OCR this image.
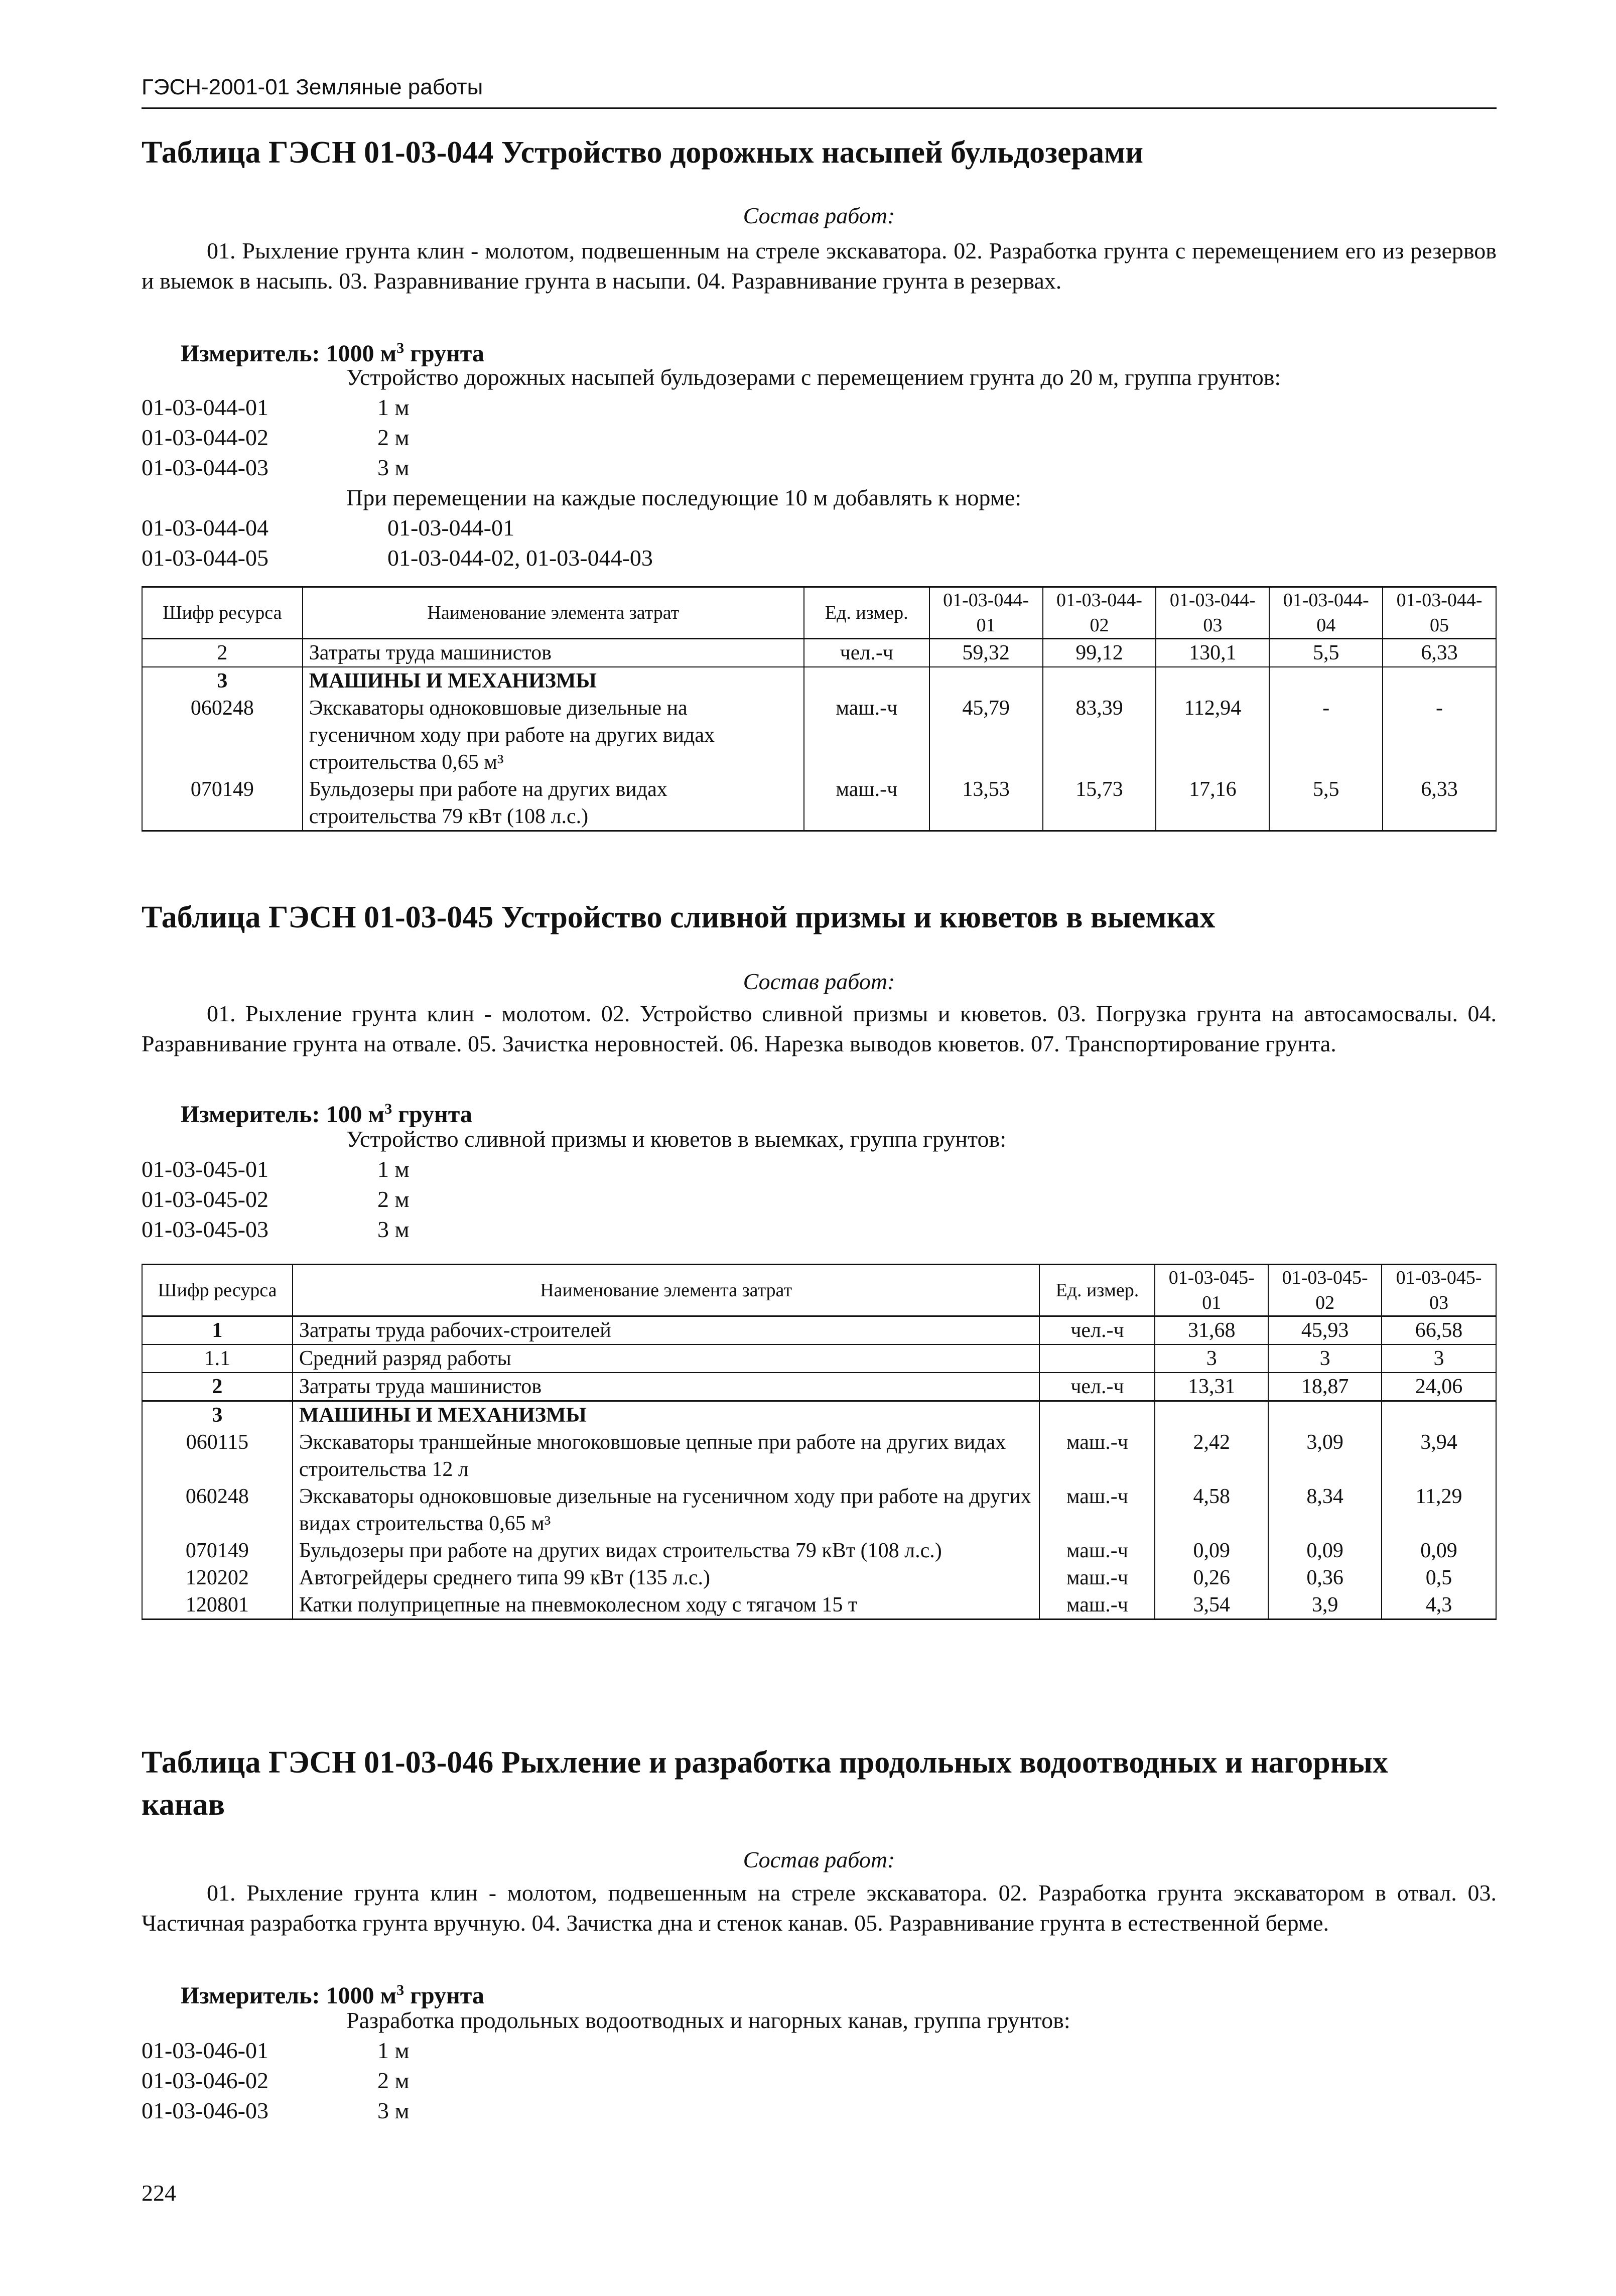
ГЭСН-2001-01 Земляные работы
Таблица ГЭСН 01-03-044 Устройство дорожных насыпей бульдозерами
Состав работ:
01. Рыхление грунта клин - молотом, подвешенным на стреле экскаватора. 02. Разработка грунта с перемещением его из резервов и выемок в насыпь. 03. Разравнивание грунта в насыпи. 04. Разравнивание грунта в резервах.
Измеритель: 1000 $м^3$ грунта
Устройство дорожных насыпей бульдозерами с перемещением грунта до 20 м, группа грунтов:
01-03-044-01	1 м
01-03-044-02	2 м
01-03-044-03	3 м
При перемещении на каждые последующие 10 м добавлять к норме:
01-03-044-04	01-03-044-01
01-03-044-05	01-03-044-02, 01-03-044-03
Шифр ресурса	Наименование элемента затрат	Ед. измер.	01-03-044-01	01-03-044-02	01-03-044-03	01-03-044-04	01-03-044-05
2	Затраты труда машинистов	чел.-ч	59,32	99,12	130,1	5,5	6,33
3	МАШИНЫ И МЕХАНИЗМЫ						
060248	Экскаваторы одноковшовые дизельные на гусеничном ходу при работе на других видах строительства 0,65 м³	маш.-ч	45,79	83,39	112,94	-	-
070149	Бульдозеры при работе на других видах строительства 79 кВт (108 л.с.)	маш.-ч	13,53	15,73	17,16	5,5	6,33
Таблица ГЭСН 01-03-045 Устройство сливной призмы и кюветов в выемках
Состав работ:
01. Рыхление грунта клин - молотом. 02. Устройство сливной призмы и кюветов. 03. Погрузка грунта на автосамосвалы. 04. Разравнивание грунта на отвале. 05. Зачистка неровностей. 06. Нарезка выводов кюветов. 07. Транспортирование грунта.
Измеритель: 100 $м^3$ грунта
Устройство сливной призмы и кюветов в выемках, группа грунтов:
01-03-045-01	1 м
01-03-045-02	2 м
01-03-045-03	3 м
Шифр ресурса	Наименование элемента затрат	Ед. измер.	01-03-045-01	01-03-045-02	01-03-045-03
1	Затраты труда рабочих-строителей	чел.-ч	31,68	45,93	66,58
1.1	Средний разряд работы		3	3	3
2	Затраты труда машинистов	чел.-ч	13,31	18,87	24,06
3	МАШИНЫ И МЕХАНИЗМЫ				
060115	Экскаваторы траншейные многоковшовые цепные при работе на других видах строительства 12 л	маш.-ч	2,42	3,09	3,94
060248	Экскаваторы одноковшовые дизельные на гусеничном ходу при работе на других видах строительства 0,65 м³	маш.-ч	4,58	8,34	11,29
070149	Бульдозеры при работе на других видах строительства 79 кВт (108 л.с.)	маш.-ч	0,09	0,09	0,09
120202	Автогрейдеры среднего типа 99 кВт (135 л.с.)	маш.-ч	0,26	0,36	0,5
120801	Катки полуприцепные на пневмоколесном ходу с тягачом 15 т	маш.-ч	3,54	3,9	4,3
Таблица ГЭСН 01-03-046 Рыхление и разработка продольных водоотводных и нагорных канав
Состав работ:
01. Рыхление грунта клин - молотом, подвешенным на стреле экскаватора. 02. Разработка грунта экскаватором в отвал. 03. Частичная разработка грунта вручную. 04. Зачистка дна и стенок канав. 05. Разравнивание грунта в естественной берме.
Измеритель: 1000 $м^3$ грунта
Разработка продольных водоотводных и нагорных канав, группа грунтов:
01-03-046-01	1 м
01-03-046-02	2 м
01-03-046-03	3 м
224
